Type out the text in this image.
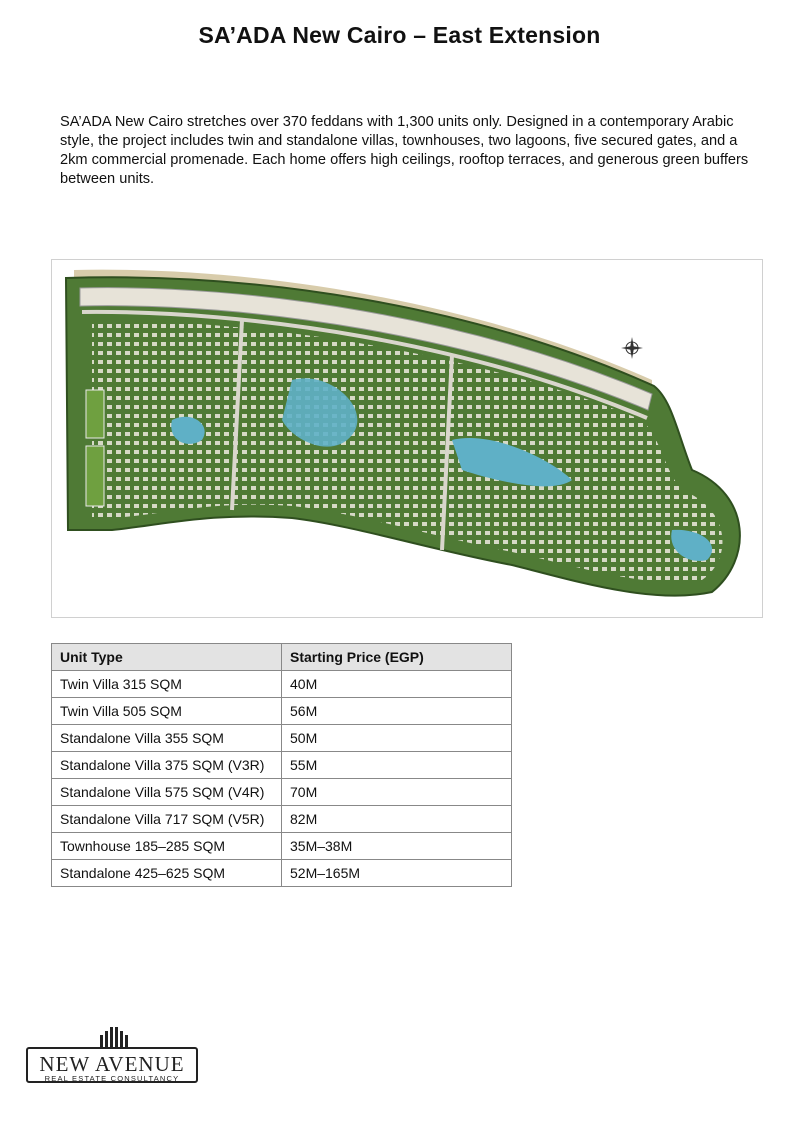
SA’ADA New Cairo – East Extension
SA’ADA New Cairo stretches over 370 feddans with 1,300 units only. Designed in a contemporary Arabic style, the project includes twin and standalone villas, townhouses, two lagoons, five secured gates, and a 2km commercial promenade. Each home offers high ceilings, rooftop terraces, and generous green buffers between units.
Unit Type	Starting Price (EGP)
Twin Villa 315 SQM	40M
Twin Villa 505 SQM	56M
Standalone Villa 355 SQM	50M
Standalone Villa 375 SQM (V3R)	55M
Standalone Villa 575 SQM (V4R)	70M
Standalone Villa 717 SQM (V5R)	82M
Townhouse 185–285 SQM	35M–38M
Standalone 425–625 SQM	52M–165M
NEW AVENUE
REAL ESTATE CONSULTANCY
